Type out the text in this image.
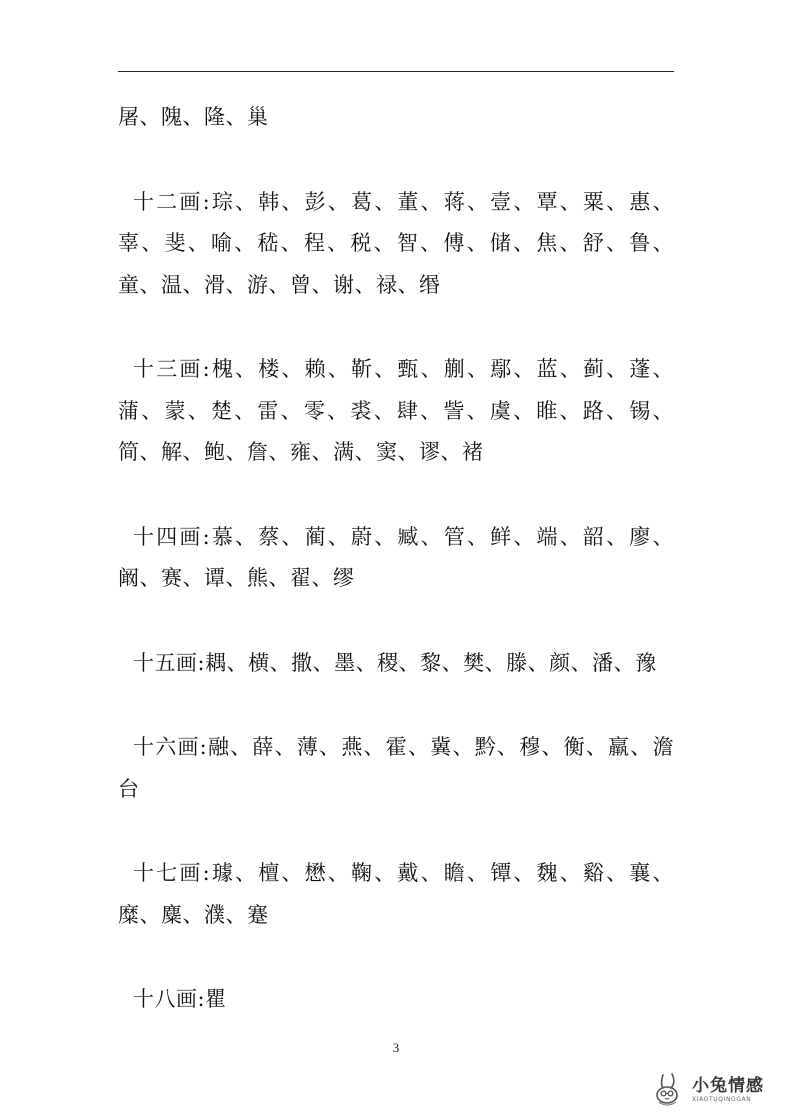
屠、隗、隆、巢

十二画:琮、韩、彭、葛、董、蒋、壹、覃、粟、惠、辜、斐、喻、嵇、程、税、智、傅、储、焦、舒、鲁、童、温、滑、游、曾、谢、禄、缗

十三画:槐、楼、赖、靳、甄、蒯、鄢、蓝、蓟、蓬、蒲、蒙、楚、雷、零、裘、肆、訾、虞、睢、路、锡、简、解、鲍、詹、雍、满、窦、谬、褚

十四画:慕、蔡、蔺、蔚、臧、管、鲜、端、韶、廖、阚、赛、谭、熊、翟、缪

十五画:耦、横、撒、墨、稷、黎、樊、滕、颜、潘、豫

十六画:融、薛、薄、燕、霍、冀、黔、穆、衡、羸、澹台

十七画:璩、檀、懋、鞠、戴、瞻、镡、魏、谿、襄、糜、麋、濮、蹇

十八画:瞿

3
小兔情感
XIAOTUQINGGAN
